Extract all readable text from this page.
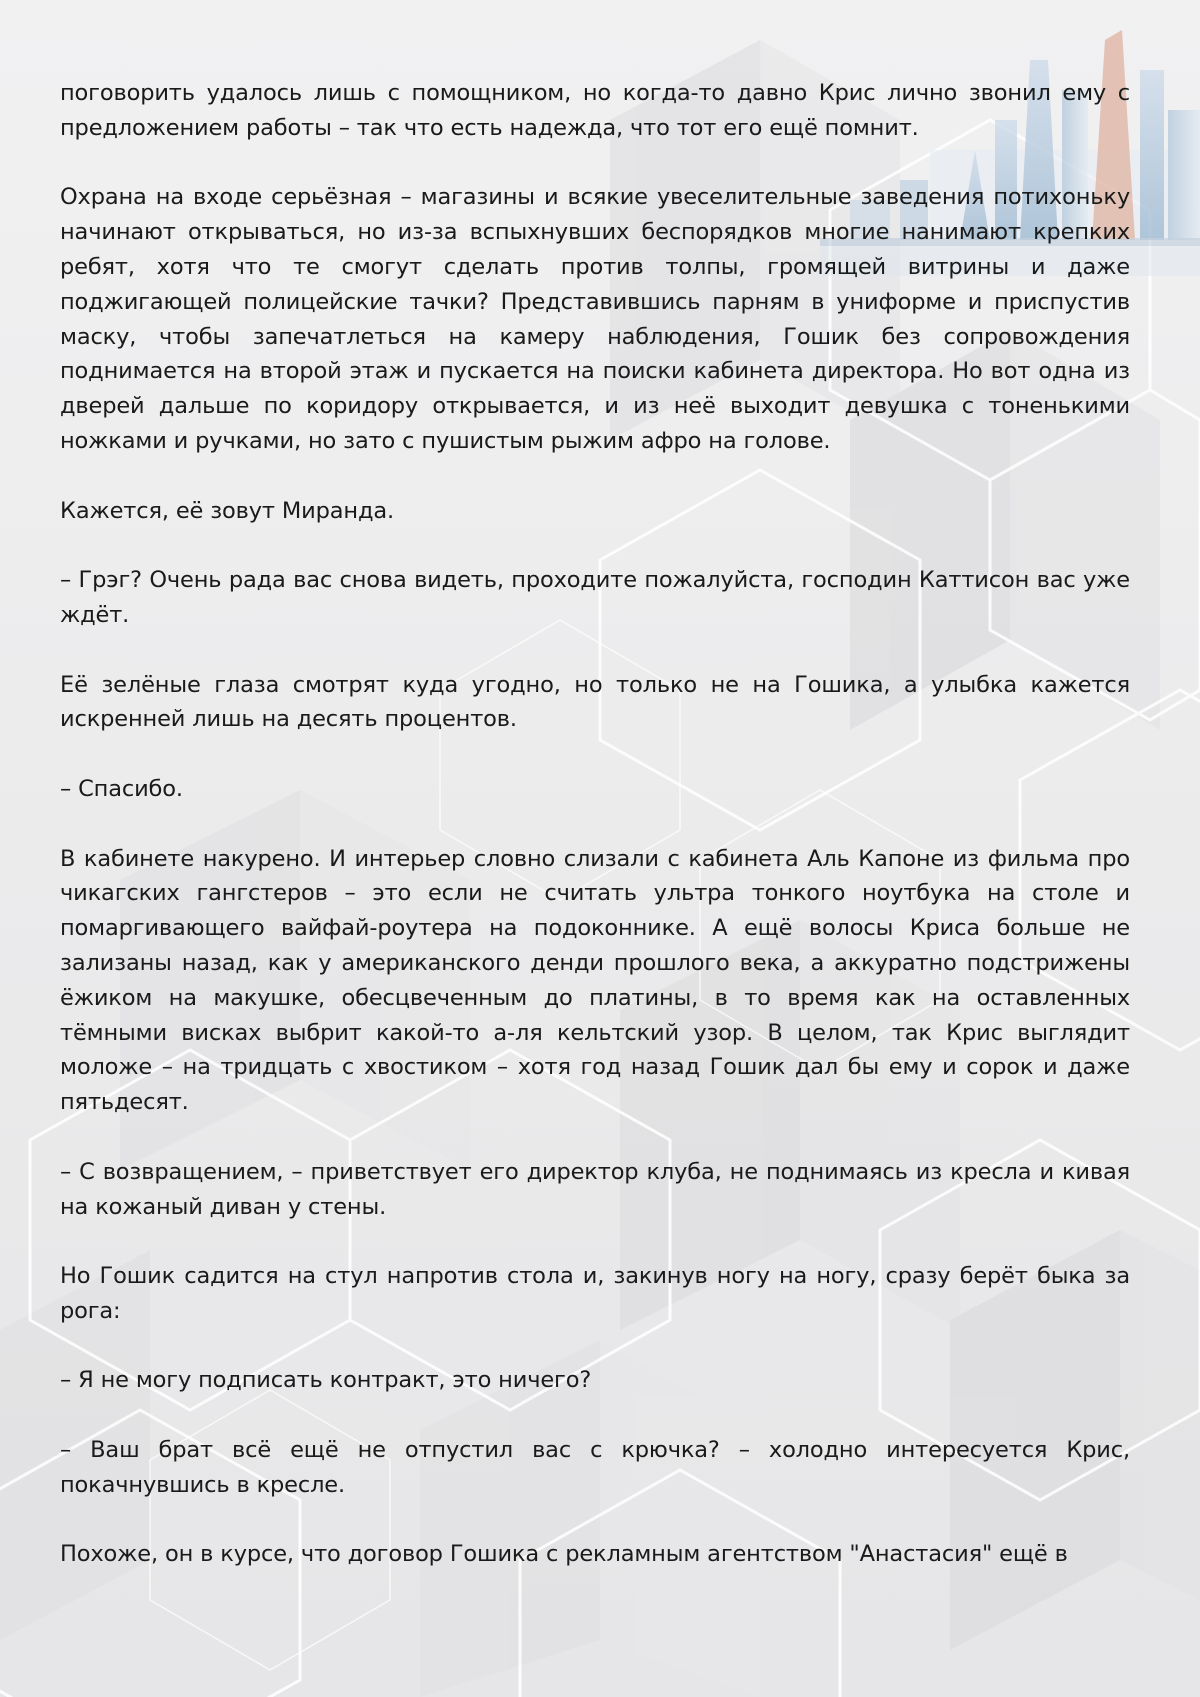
поговорить удалось лишь с помощником, но когда-то давно Крис лично звонил ему с предложением работы – так что есть надежда, что тот его ещё помнит.

Охрана на входе серьёзная – магазины и всякие увеселительные заведения потихоньку начинают открываться, но из-за вспыхнувших беспорядков многие нанимают крепких ребят, хотя что те смогут сделать против толпы, громящей витрины и даже поджигающей полицейские тачки? Представившись парням в униформе и приспустив маску, чтобы запечатлеться на камеру наблюдения, Гошик без сопровождения поднимается на второй этаж и пускается на поиски кабинета директора. Но вот одна из дверей дальше по коридору открывается, и из неё выходит девушка с тоненькими ножками и ручками, но зато с пушистым рыжим афро на голове.

Кажется, её зовут Миранда.

– Грэг? Очень рада вас снова видеть, проходите пожалуйста, господин Каттисон вас уже ждёт.

Её зелёные глаза смотрят куда угодно, но только не на Гошика, а улыбка кажется искренней лишь на десять процентов.

– Спасибо.

В кабинете накурено. И интерьер словно слизали с кабинета Аль Капоне из фильма про чикагских гангстеров – это если не считать ультра тонкого ноутбука на столе и помаргивающего вайфай-роутера на подоконнике. А ещё волосы Криса больше не зализаны назад, как у американского денди прошлого века, а аккуратно подстрижены ёжиком на макушке, обесцвеченным до платины, в то время как на оставленных тёмными висках выбрит какой-то а-ля кельтский узор. В целом, так Крис выглядит моложе – на тридцать с хвостиком – хотя год назад Гошик дал бы ему и сорок и даже пятьдесят.

– С возвращением, – приветствует его директор клуба, не поднимаясь из кресла и кивая на кожаный диван у стены.

Но Гошик садится на стул напротив стола и, закинув ногу на ногу, сразу берёт быка за рога:

– Я не могу подписать контракт, это ничего?

– Ваш брат всё ещё не отпустил вас с крючка? – холодно интересуется Крис, покачнувшись в кресле.

Похоже, он в курсе, что договор Гошика с рекламным агентством "Анастасия" ещё в
